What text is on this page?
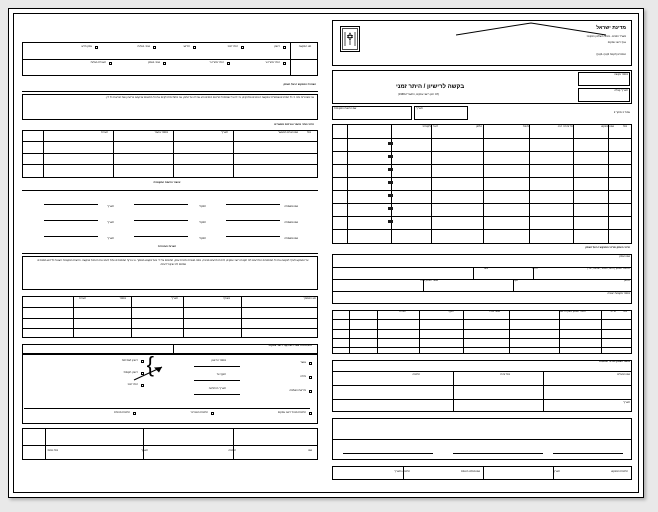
מדינת ישראל
משרד הפנים - מנהל השלטון המקומי
אגף רישוי עסקים
טופס 2 (תקנות 2(א) ו-4(א))
מספר בקשה
תאריך קבלה
בקשה לרישיון / היתר זמני
(לפי חוק רישוי עסקים, התשכ"ח-1968)
שם הרשות המקומית	תאריך
עמוד 1 מתוך 2
מס'
שם המבקש
מס' זהות / ח.פ.
כתובת
טלפון
דואר אלקטרוני
פרטי העסק ופרטי המבקש / בעל העסק
שם העסק
כתובת העסק (רחוב, מספר, שכונה, עיר)
גוש	חלקה
טלפון
פקס
שטח העסק במ"ר
מספר מקומות ישיבה
מס'
פריט
תיאור העסק טעון הרישוי
שטח במ"ר
תוקף
הערות
מהות העסק ופרטי הבעלות
שם הבעלים
מס' זהות
חתימה
תאריך
חתימת המבקש
תאריך
שם ממלא הטופס
חתימה ותאריך
סוג הבקשה
רישיון
היתר זמני
חידוש
שינוי בעלות
עסק חדש
היתר מזורז א'
היתר מזורז ב'
שינוי בעסק
העברת בעלות
הצהרת המבקש / בעל העסק
אני מצהיר/ה בזה כי כל הפרטים שמסרתי בבקשה זו נכונים ומדויקים, וכי ידוע לי שמסירת פרטים כוזבים היא עבירה על החוק. אני מתחייב/ת לקיים את כל התנאים שייקבעו ברישיון ואת הוראות כל דין.
פרטי נותני אישור וגורמים מאשרים
מס'
שם הגורם המאשר
תאריך
מספר אישור
הערות
אישור הרשות המקומית
שם ומשפחה
תפקיד
תאריך
שם ומשפחה
תפקיד
תאריך
שם ומשפחה
תפקיד
תאריך
הערות והבהרות
על המבקש לצרף לבקשה את כל המסמכים הנדרשים לפי תקנות רישוי עסקים, לרבות תרשים סביבה, מפה מצבית ותכנית עסק, חתומים על ידי בעל מקצוע מוסמך. אי צירוף המסמכים עלול לעכב את הטיפול בבקשה. הרשות המקומית רשאית לדרוש מסמכים נוספים לפי שיקול דעתה.
סוג המסמך
מצורף
תאריך
מספר
הערות
החלטת הרשות / מחלקת רישוי עסקים
אושר
נדחה
נדרשת השלמה
מספר הרישיון
תוקף עד
תאריך ההחלטה
רישיון לצמיתות
רישיון תקופתי
היתר זמני
{
חתימת מנהל רישוי עסקים
חתימת הווטרינר
חתימת מהנדס
שם
חתימה
תאריך
מס' טופס
